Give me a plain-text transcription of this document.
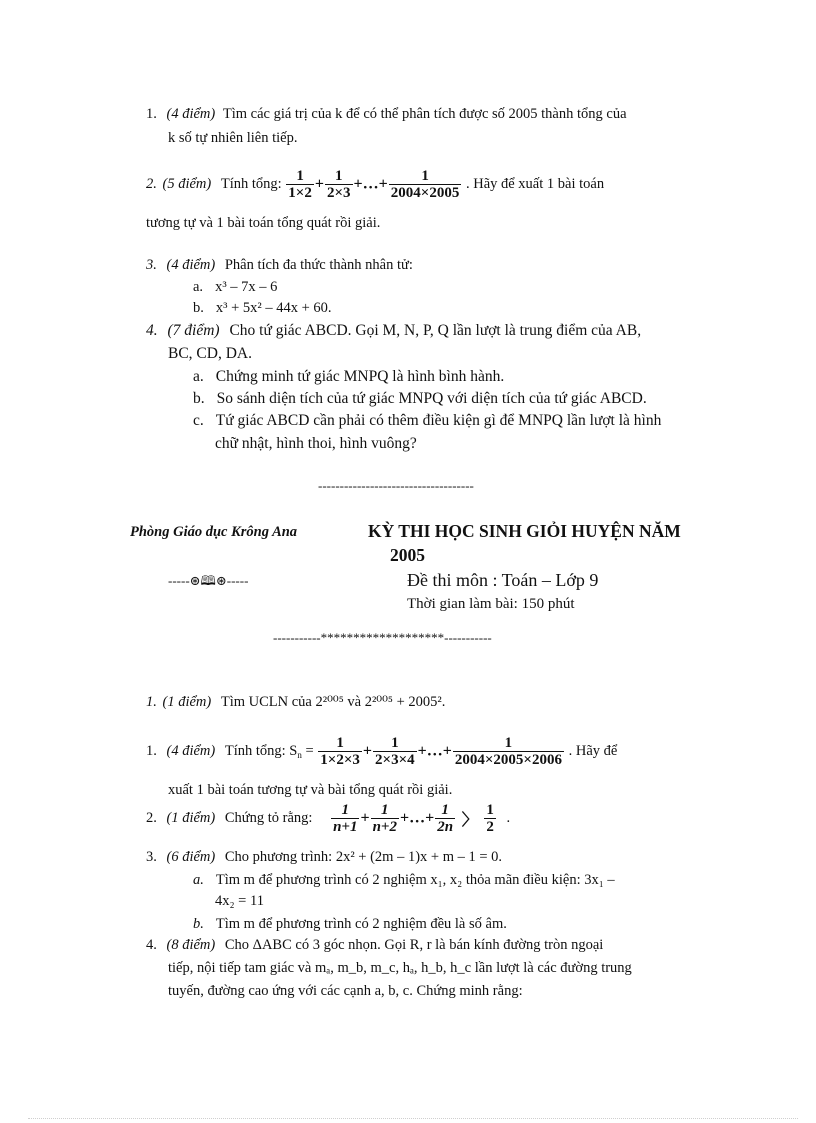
1. (4 điểm) Tìm các giá trị của k để có thể phân tích được số 2005 thành tổng của
k số tự nhiên liên tiếp.
2. (5 điểm) Tính tổng: $\frac{1}{1\times 2} + \frac{1}{2\times 3}$ +…+ $\frac{1}{2004\times 2005}$ . Hãy để xuất 1 bài toán
tương tự và 1 bài toán tổng quát rồi giải.
3. (4 điểm) Phân tích đa thức thành nhân tử:
a. x³ – 7x – 6
b. x³ + 5x² – 44x + 60.
4. (7 điểm) Cho tứ giác ABCD. Gọi M, N, P, Q lần lượt là trung điểm của AB,
BC, CD, DA.
a. Chứng minh tứ giác MNPQ là hình bình hành.
b. So sánh diện tích của tứ giác MNPQ với diện tích của tứ giác ABCD.
c. Tứ giác ABCD cần phải có thêm điều kiện gì để MNPQ lần lượt là hình
chữ nhật, hình thoi, hình vuông?
------------------------------------
Phòng Giáo dục Krông Ana	KỲ THI HỌC SINH GIỎI HUYỆN NĂM
2005
-----⊛🕮⊛-----	Đề thi môn : Toán – Lớp 9
Thời gian làm bài: 150 phút
-----------*******************-----------
1. (1 điểm) Tìm UCLN của 2²⁰⁰⁵ và 2²⁰⁰⁵ + 2005².
1. (4 điểm) Tính tổng: $S_n = \frac{1}{1\times 2\times 3} + \frac{1}{2\times 3\times 4}$ +…+ $\frac{1}{2004\times 2005\times 2006}$ . Hãy để
xuất 1 bài toán tương tự và bài tổng quát rồi giải.
2. (1 điểm) Chứng tỏ rằng: $\frac{1}{n+1} + \frac{1}{n+2}$ +…+ $\frac{1}{2n}$ 〉 $\frac{1}{2}$ .
3. (6 điểm) Cho phương trình: 2x² + (2m – 1)x + m – 1 = 0.
a. Tìm m để phương trình có 2 nghiệm x₁, x₂ thỏa mãn điều kiện: 3x₁ –
4x₂ = 11
b. Tìm m để phương trình có 2 nghiệm đều là số âm.
4. (8 điểm) Cho ΔABC có 3 góc nhọn. Gọi R, r là bán kính đường tròn ngoại
tiếp, nội tiếp tam giác và mₐ, m_b, m_c, hₐ, h_b, h_c lần lượt là các đường trung
tuyến, đường cao ứng với các cạnh a, b, c. Chứng minh rằng:
